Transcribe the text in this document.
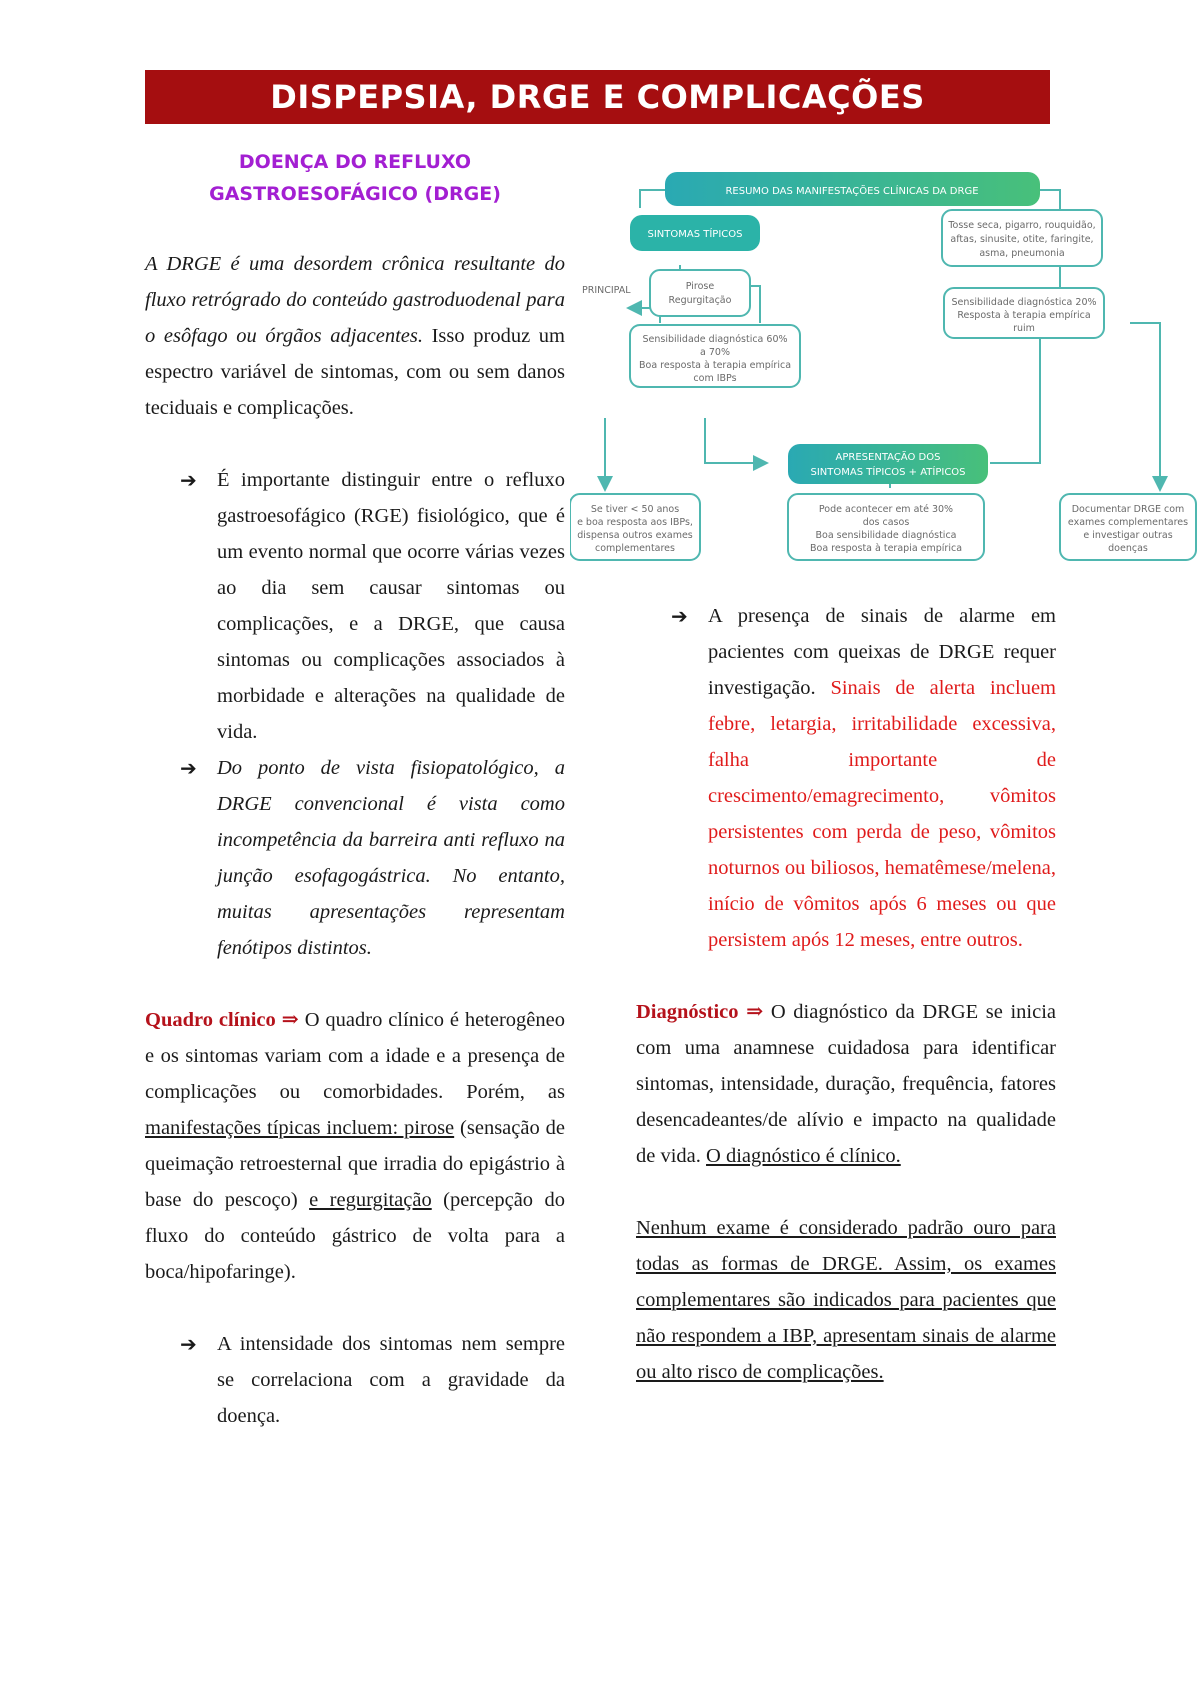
DISPEPSIA, DRGE E COMPLICAÇÕES
DOENÇA DO REFLUXO
GASTROESOFÁGICO (DRGE)

A DRGE é uma desordem crônica resultante do fluxo retrógrado do conteúdo gastroduodenal para o esôfago ou órgãos adjacentes. Isso produz um espectro variável de sintomas, com ou sem danos teciduais e complicações.

➔ É importante distinguir entre o refluxo gastroesofágico (RGE) fisiológico, que é um evento normal que ocorre várias vezes ao dia sem causar sintomas ou complicações, e a DRGE, que causa sintomas ou complicações associados à morbidade e alterações na qualidade de vida.
➔ Do ponto de vista fisiopatológico, a DRGE convencional é vista como incompetência da barreira anti refluxo na junção esofagogástrica. No entanto, muitas apresentações representam fenótipos distintos.

Quadro clínico ⇒ O quadro clínico é heterogêneo e os sintomas variam com a idade e a presença de complicações ou comorbidades. Porém, as manifestações típicas incluem: pirose (sensação de queimação retroesternal que irradia do epigástrio à base do pescoço) e regurgitação (percepção do fluxo do conteúdo gástrico de volta para a boca/hipofaringe).

➔ A intensidade dos sintomas nem sempre se correlaciona com a gravidade da doença.
RESUMO DAS MANIFESTAÇÕES CLÍNICAS DA DRGE
SINTOMAS TÍPICOS
PRINCIPAL	Pirose
Regurgitação
Sensibilidade diagnóstica 60%
a 70%
Boa resposta à terapia empírica
com IBPs
Tosse seca, pigarro, rouquidão,
aftas, sinusite, otite, faringite,
asma, pneumonia
Sensibilidade diagnóstica 20%
Resposta à terapia empírica
ruim
APRESENTAÇÃO DOS
SINTOMAS TÍPICOS + ATÍPICOS
Se tiver < 50 anos
e boa resposta aos IBPs,
dispensa outros exames
complementares
Pode acontecer em até 30%
dos casos
Boa sensibilidade diagnóstica
Boa resposta à terapia empírica
Documentar DRGE com
exames complementares
e investigar outras
doenças
➔ A presença de sinais de alarme em pacientes com queixas de DRGE requer investigação. Sinais de alerta incluem febre, letargia, irritabilidade excessiva, falha importante de crescimento/emagrecimento, vômitos persistentes com perda de peso, vômitos noturnos ou biliosos, hematêmese/melena, início de vômitos após 6 meses ou que persistem após 12 meses, entre outros.

Diagnóstico ⇒ O diagnóstico da DRGE se inicia com uma anamnese cuidadosa para identificar sintomas, intensidade, duração, frequência, fatores desencadeantes/de alívio e impacto na qualidade de vida. O diagnóstico é clínico.

Nenhum exame é considerado padrão ouro para todas as formas de DRGE. Assim, os exames complementares são indicados para pacientes que não respondem a IBP, apresentam sinais de alarme ou alto risco de complicações.
